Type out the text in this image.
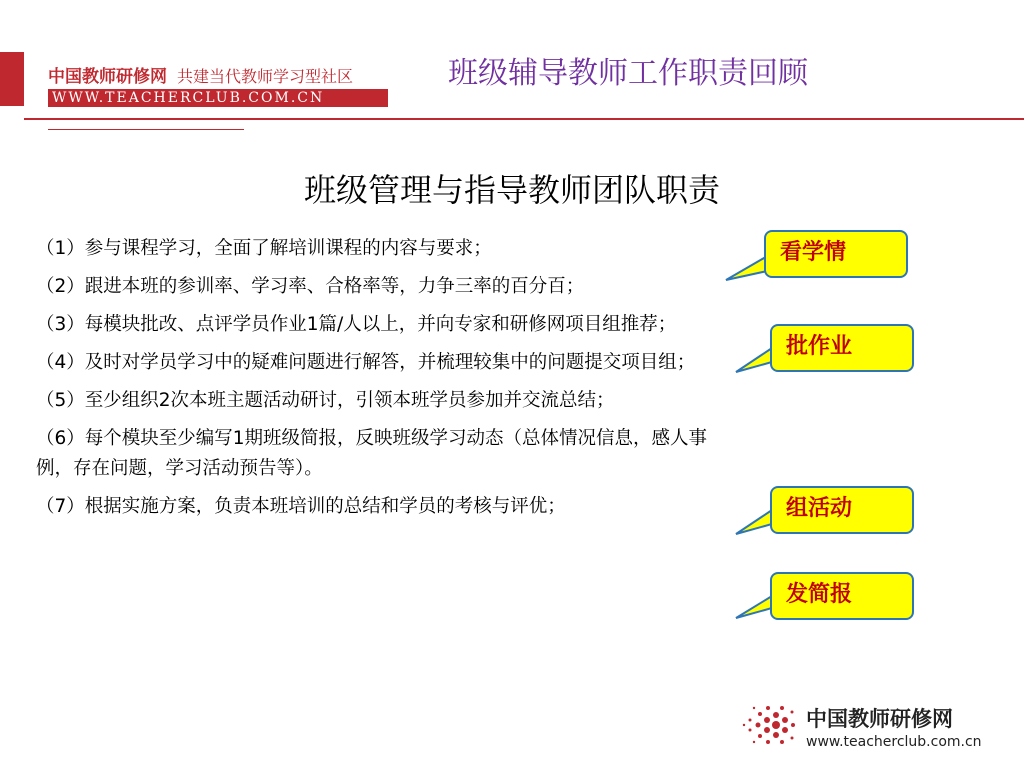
中国教师研修网 共建当代教师学习型社区
WWW.TEACHERCLUB.COM.CN
班级辅导教师工作职责回顾
班级管理与指导教师团队职责
（1）参与课程学习，全面了解培训课程的内容与要求；
（2）跟进本班的参训率、学习率、合格率等，力争三率的百分百；
（3）每模块批改、点评学员作业1篇/人以上，并向专家和研修网项目组推荐；
（4）及时对学员学习中的疑难问题进行解答，并梳理较集中的问题提交项目组；
（5）至少组织2次本班主题活动研讨，引领本班学员参加并交流总结；
（6）每个模块至少编写1期班级简报，反映班级学习动态（总体情况信息，感人事例，存在问题，学习活动预告等）。
（7）根据实施方案，负责本班培训的总结和学员的考核与评优；
看学情
批作业
组活动
发简报
中国教师研修网
www.teacherclub.com.cn
